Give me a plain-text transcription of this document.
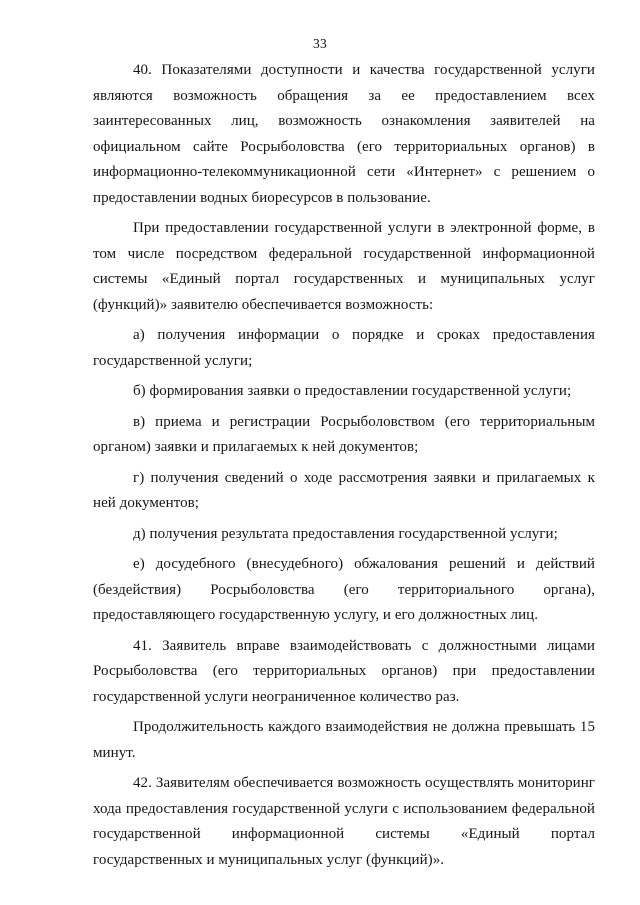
33

40. Показателями доступности и качества государственной услуги являются возможность обращения за ее предоставлением всех заинтересованных лиц, возможность ознакомления заявителей на официальном сайте Росрыболовства (его территориальных органов) в информационно-телекоммуникационной сети «Интернет» с решением о предоставлении водных биоресурсов в пользование.

При предоставлении государственной услуги в электронной форме, в том числе посредством федеральной государственной информационной системы «Единый портал государственных и муниципальных услуг (функций)» заявителю обеспечивается возможность:

а) получения информации о порядке и сроках предоставления государственной услуги;

б) формирования заявки о предоставлении государственной услуги;

в) приема и регистрации Росрыболовством (его территориальным органом) заявки и прилагаемых к ней документов;

г) получения сведений о ходе рассмотрения заявки и прилагаемых к ней документов;

д) получения результата предоставления государственной услуги;

е) досудебного (внесудебного) обжалования решений и действий (бездействия) Росрыболовства (его территориального органа), предоставляющего государственную услугу, и его должностных лиц.

41. Заявитель вправе взаимодействовать с должностными лицами Росрыболовства (его территориальных органов) при предоставлении государственной услуги неограниченное количество раз.

Продолжительность каждого взаимодействия не должна превышать 15 минут.

42. Заявителям обеспечивается возможность осуществлять мониторинг хода предоставления государственной услуги с использованием федеральной государственной информационной системы «Единый портал государственных и муниципальных услуг (функций)».
